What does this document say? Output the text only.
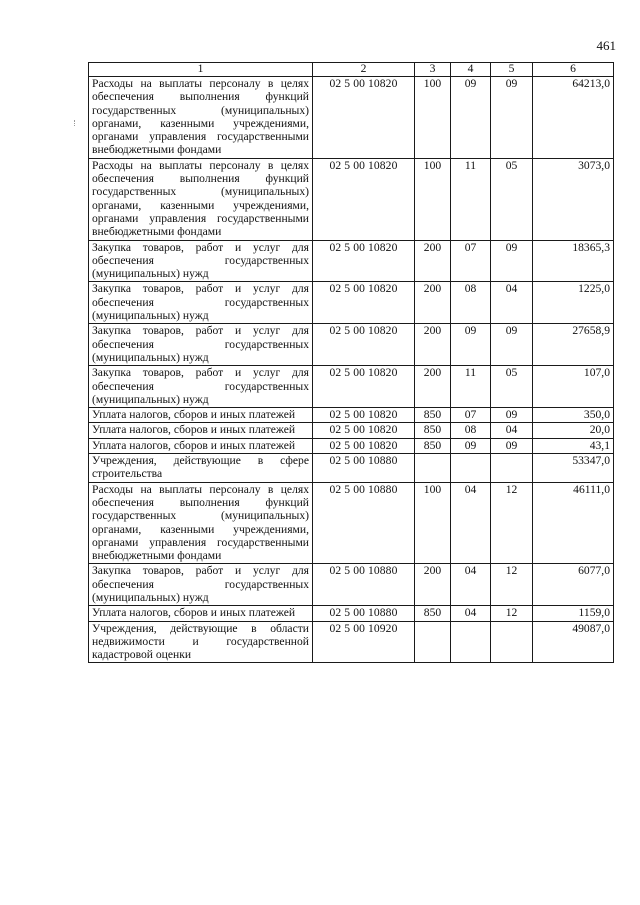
461
1	2	3	4	5	6
Расходы на выплаты персоналу в целях обеспечения выполнения функций государственных (муниципальных) органами, казенными учреждениями, органами управления государственными внебюджетными фондами	02 5 00 10820	100	09	09	64213,0
Расходы на выплаты персоналу в целях обеспечения выполнения функций государственных (муниципальных) органами, казенными учреждениями, органами управления государственными внебюджетными фондами	02 5 00 10820	100	11	05	3073,0
Закупка товаров, работ и услуг для обеспечения государственных (муниципальных) нужд	02 5 00 10820	200	07	09	18365,3
Закупка товаров, работ и услуг для обеспечения государственных (муниципальных) нужд	02 5 00 10820	200	08	04	1225,0
Закупка товаров, работ и услуг для обеспечения государственных (муниципальных) нужд	02 5 00 10820	200	09	09	27658,9
Закупка товаров, работ и услуг для обеспечения государственных (муниципальных) нужд	02 5 00 10820	200	11	05	107,0
Уплата налогов, сборов и иных платежей	02 5 00 10820	850	07	09	350,0
Уплата налогов, сборов и иных платежей	02 5 00 10820	850	08	04	20,0
Уплата налогов, сборов и иных платежей	02 5 00 10820	850	09	09	43,1
Учреждения, действующие в сфере строительства	02 5 00 10880				53347,0
Расходы на выплаты персоналу в целях обеспечения выполнения функций государственных (муниципальных) органами, казенными учреждениями, органами управления государственными внебюджетными фондами	02 5 00 10880	100	04	12	46111,0
Закупка товаров, работ и услуг для обеспечения государственных (муниципальных) нужд	02 5 00 10880	200	04	12	6077,0
Уплата налогов, сборов и иных платежей	02 5 00 10880	850	04	12	1159,0
Учреждения, действующие в области недвижимости и государственной кадастровой оценки	02 5 00 10920				49087,0
